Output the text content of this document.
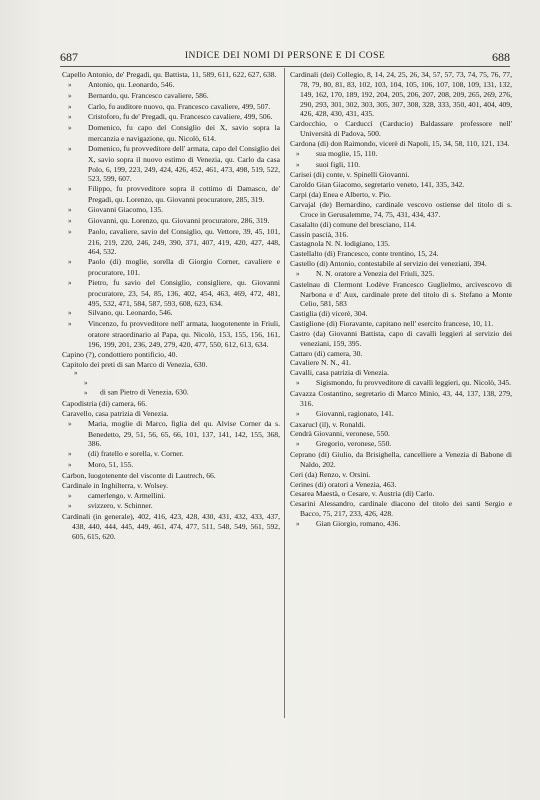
687	INDICE DEI NOMI DI PERSONE E DI COSE	688

Capello Antonio, de' Pregadi, qu. Battista, 11, 589, 611, 622, 627, 638.

» Antonio, qu. Leonardo, 546.

» Bernardo, qu. Francesco cavaliere, 586.

» Carlo, fu auditore nuovo, qu. Francesco cavaliere, 499, 507.

» Cristoforo, fu de' Pregadi, qu. Francesco cavaliere, 499, 506.

» Domenico, fu capo del Consiglio dei X, savio sopra la mercanzia e navigazione, qu. Nicolò, 614.

» Domenico, fu provveditore dell' armata, capo del Consiglio dei X, savio sopra il nuovo estimo di Venezia, qu. Carlo da casa Polo, 6, 199, 223, 249, 424, 426, 452, 461, 473, 498, 519, 522, 523, 599, 607.

» Filippo, fu provveditore sopra il cottimo di Damasco, de' Pregadi, qu. Lorenzo, qu. Giovanni procuratore, 285, 319.

» Giovanni Giacomo, 135.

» Giovanni, qu. Lorenzo, qu. Giovanni procuratore, 286, 319.

» Paolo, cavaliere, savio del Consiglio, qu. Vettore, 39, 45, 101, 216, 219, 220, 246, 249, 390, 371, 407, 419, 420, 427, 448, 464, 532.

» Paolo (di) moglie, sorella di Giorgio Corner, cavaliere e procuratore, 101.

» Pietro, fu savio del Consiglio, consigliere, qu. Giovanni procuratore, 23, 54, 85, 136, 402, 454, 463, 469, 472, 481, 495, 532, 471, 584, 587, 593, 608, 623, 634.

» Silvano, qu. Leonardo, 546.

» Vincenzo, fu provveditore nell' armata, luogotenente in Friuli, oratore straordinario al Papa, qu. Nicolò, 153, 155, 156, 161, 196, 199, 201, 236, 249, 279, 420, 477, 550, 612, 613, 634.

Capino (?), condottiero pontificio, 40.

Capitolo dei preti di san Marco di Venezia, 630.

» » » di san Pietro di Venezia, 630.

Capodistria (di) camera, 66.

Caravello, casa patrizia di Venezia.

» Maria, moglie di Marco, figlia del qu. Alvise Corner da s. Benedetto, 29, 51, 56, 65, 66, 101, 137, 141, 142, 155, 368, 386.

» (di) fratello e sorella, v. Corner.

» Moro, 51, 155.

Carbon, luogotenente del visconte di Lautrech, 66.

Cardinale in Inghilterra, v. Wolsey.

» camerlengo, v. Armellini.

» svizzero, v. Schinner.

Cardinali (in generale), 402, 416, 423, 428, 430, 431, 432, 433, 437, 438, 440, 444, 445, 449, 461, 474, 477, 511, 548, 549, 561, 592, 605, 615, 620.

Cardinali (dei) Collegio, 8, 14, 24, 25, 26, 34, 57, 57, 73, 74, 75, 76, 77, 78, 79, 80, 81, 83, 102, 103, 104, 105, 106, 107, 108, 109, 131, 132, 149, 162, 170, 189, 192, 204, 205, 206, 207, 208, 209, 265, 269, 276, 290, 293, 301, 302, 303, 305, 307, 308, 328, 333, 350, 401, 404, 409, 426, 428, 430, 431, 435.

Cardocchio, o Carduccì (Carducio) Baldassare professore nell' Università di Padova, 500.

Cardona (di) don Raimondo, vicerè di Napoli, 15, 34, 58, 110, 121, 134.

» sua moglie, 15, 110.

» suoi figli, 110.

Carisei (di) conte, v. Spinelli Giovanni.

Caroldo Gian Giacomo, segretario veneto, 141, 335, 342.

Carpi (da) Enea e Alberto, v. Pio.

Carvajal (de) Bernardino, cardinale vescovo ostiense del titolo di s. Croce in Gerusalemme, 74, 75, 431, 434, 437.

Casalalto (di) comune del bresciano, 114.

Cassin pascià, 316.

Castagnola N. N. lodigiano, 135.

Castellalto (di) Francesco, conte trentino, 15, 24.

Castello (di) Antonio, contestabile al servizio dei veneziani, 394.

» N. N. oratore a Venezia del Friuli, 325.

Castelnau di Clermont Lodève Francesco Guglielmo, arcivescovo di Narbona e d' Aux, cardinale prete del titolo di s. Stefano a Monte Celio, 581, 583

Castiglia (di) vicerè, 304.

Castiglione (di) Fioravante, capitano nell' esercito francese, 10, 11.

Castro (da) Giovanni Battista, capo di cavalli leggieri al servizio dei veneziani, 159, 395.

Cattaro (di) camera, 30.

Cavaliere N. N., 41.

Cavalli, casa patrizia di Venezia.

» Sigismondo, fu provveditore di cavalli leggieri, qu. Nicolò, 345.

Cavazza Costantino, segretario di Marco Minio, 43, 44, 137, 138, 279, 316.

» Giovanni, ragionato, 141.

Caxarucl (il), v. Ronaldi.

Cendrà Giovanni, veronese, 550.

» Gregorio, veronese, 550.

Ceprano (di) Giulio, da Brisighella, cancelliere a Venezia di Babone di Naldo, 202.

Ceri (da) Renzo, v. Orsini.

Cerines (di) oratori a Venezia, 463.

Cesarea Maestà, o Cesare, v. Austria (di) Carlo.

Cesarini Alessandro, cardinale diacono del titolo dei santi Sergio e Bacco, 75, 217, 233, 426, 428.

» Gian Giorgio, romano, 436.
